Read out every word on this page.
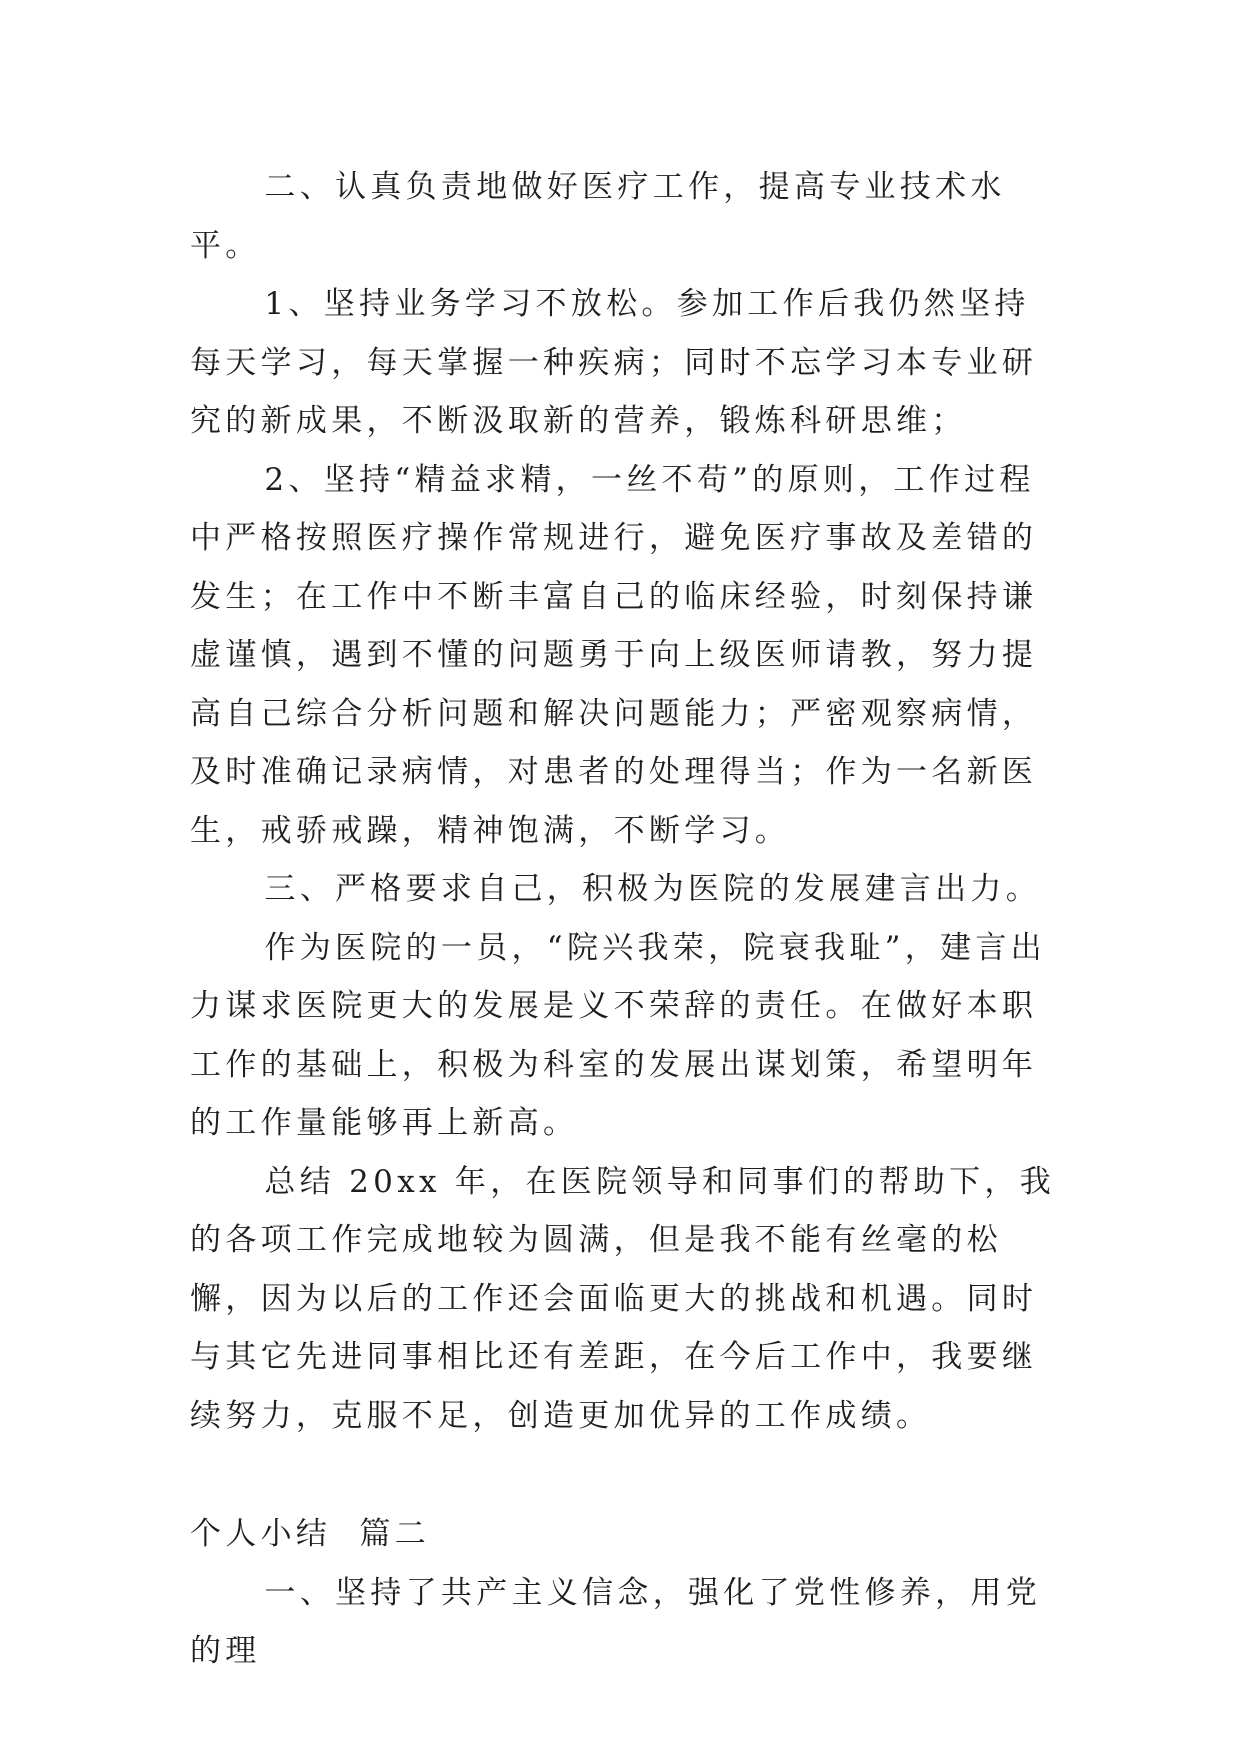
二、认真负责地做好医疗工作，提高专业技术水平。

1、坚持业务学习不放松。参加工作后我仍然坚持每天学习，每天掌握一种疾病；同时不忘学习本专业研究的新成果，不断汲取新的营养，锻炼科研思维；

2、坚持“精益求精，一丝不苟”的原则，工作过程中严格按照医疗操作常规进行，避免医疗事故及差错的发生；在工作中不断丰富自己的临床经验，时刻保持谦虚谨慎，遇到不懂的问题勇于向上级医师请教，努力提高自己综合分析问题和解决问题能力；严密观察病情，及时准确记录病情，对患者的处理得当；作为一名新医生，戒骄戒躁，精神饱满，不断学习。

三、严格要求自己，积极为医院的发展建言出力。

作为医院的一员，“院兴我荣，院衰我耻”，建言出力谋求医院更大的发展是义不荣辞的责任。在做好本职工作的基础上，积极为科室的发展出谋划策，希望明年的工作量能够再上新高。

总结 20xx 年，在医院领导和同事们的帮助下，我的各项工作完成地较为圆满，但是我不能有丝毫的松懈，因为以后的工作还会面临更大的挑战和机遇。同时与其它先进同事相比还有差距，在今后工作中，我要继续努力，克服不足，创造更加优异的工作成绩。

个人小结  篇二

一、坚持了共产主义信念，强化了党性修养，用党的理
